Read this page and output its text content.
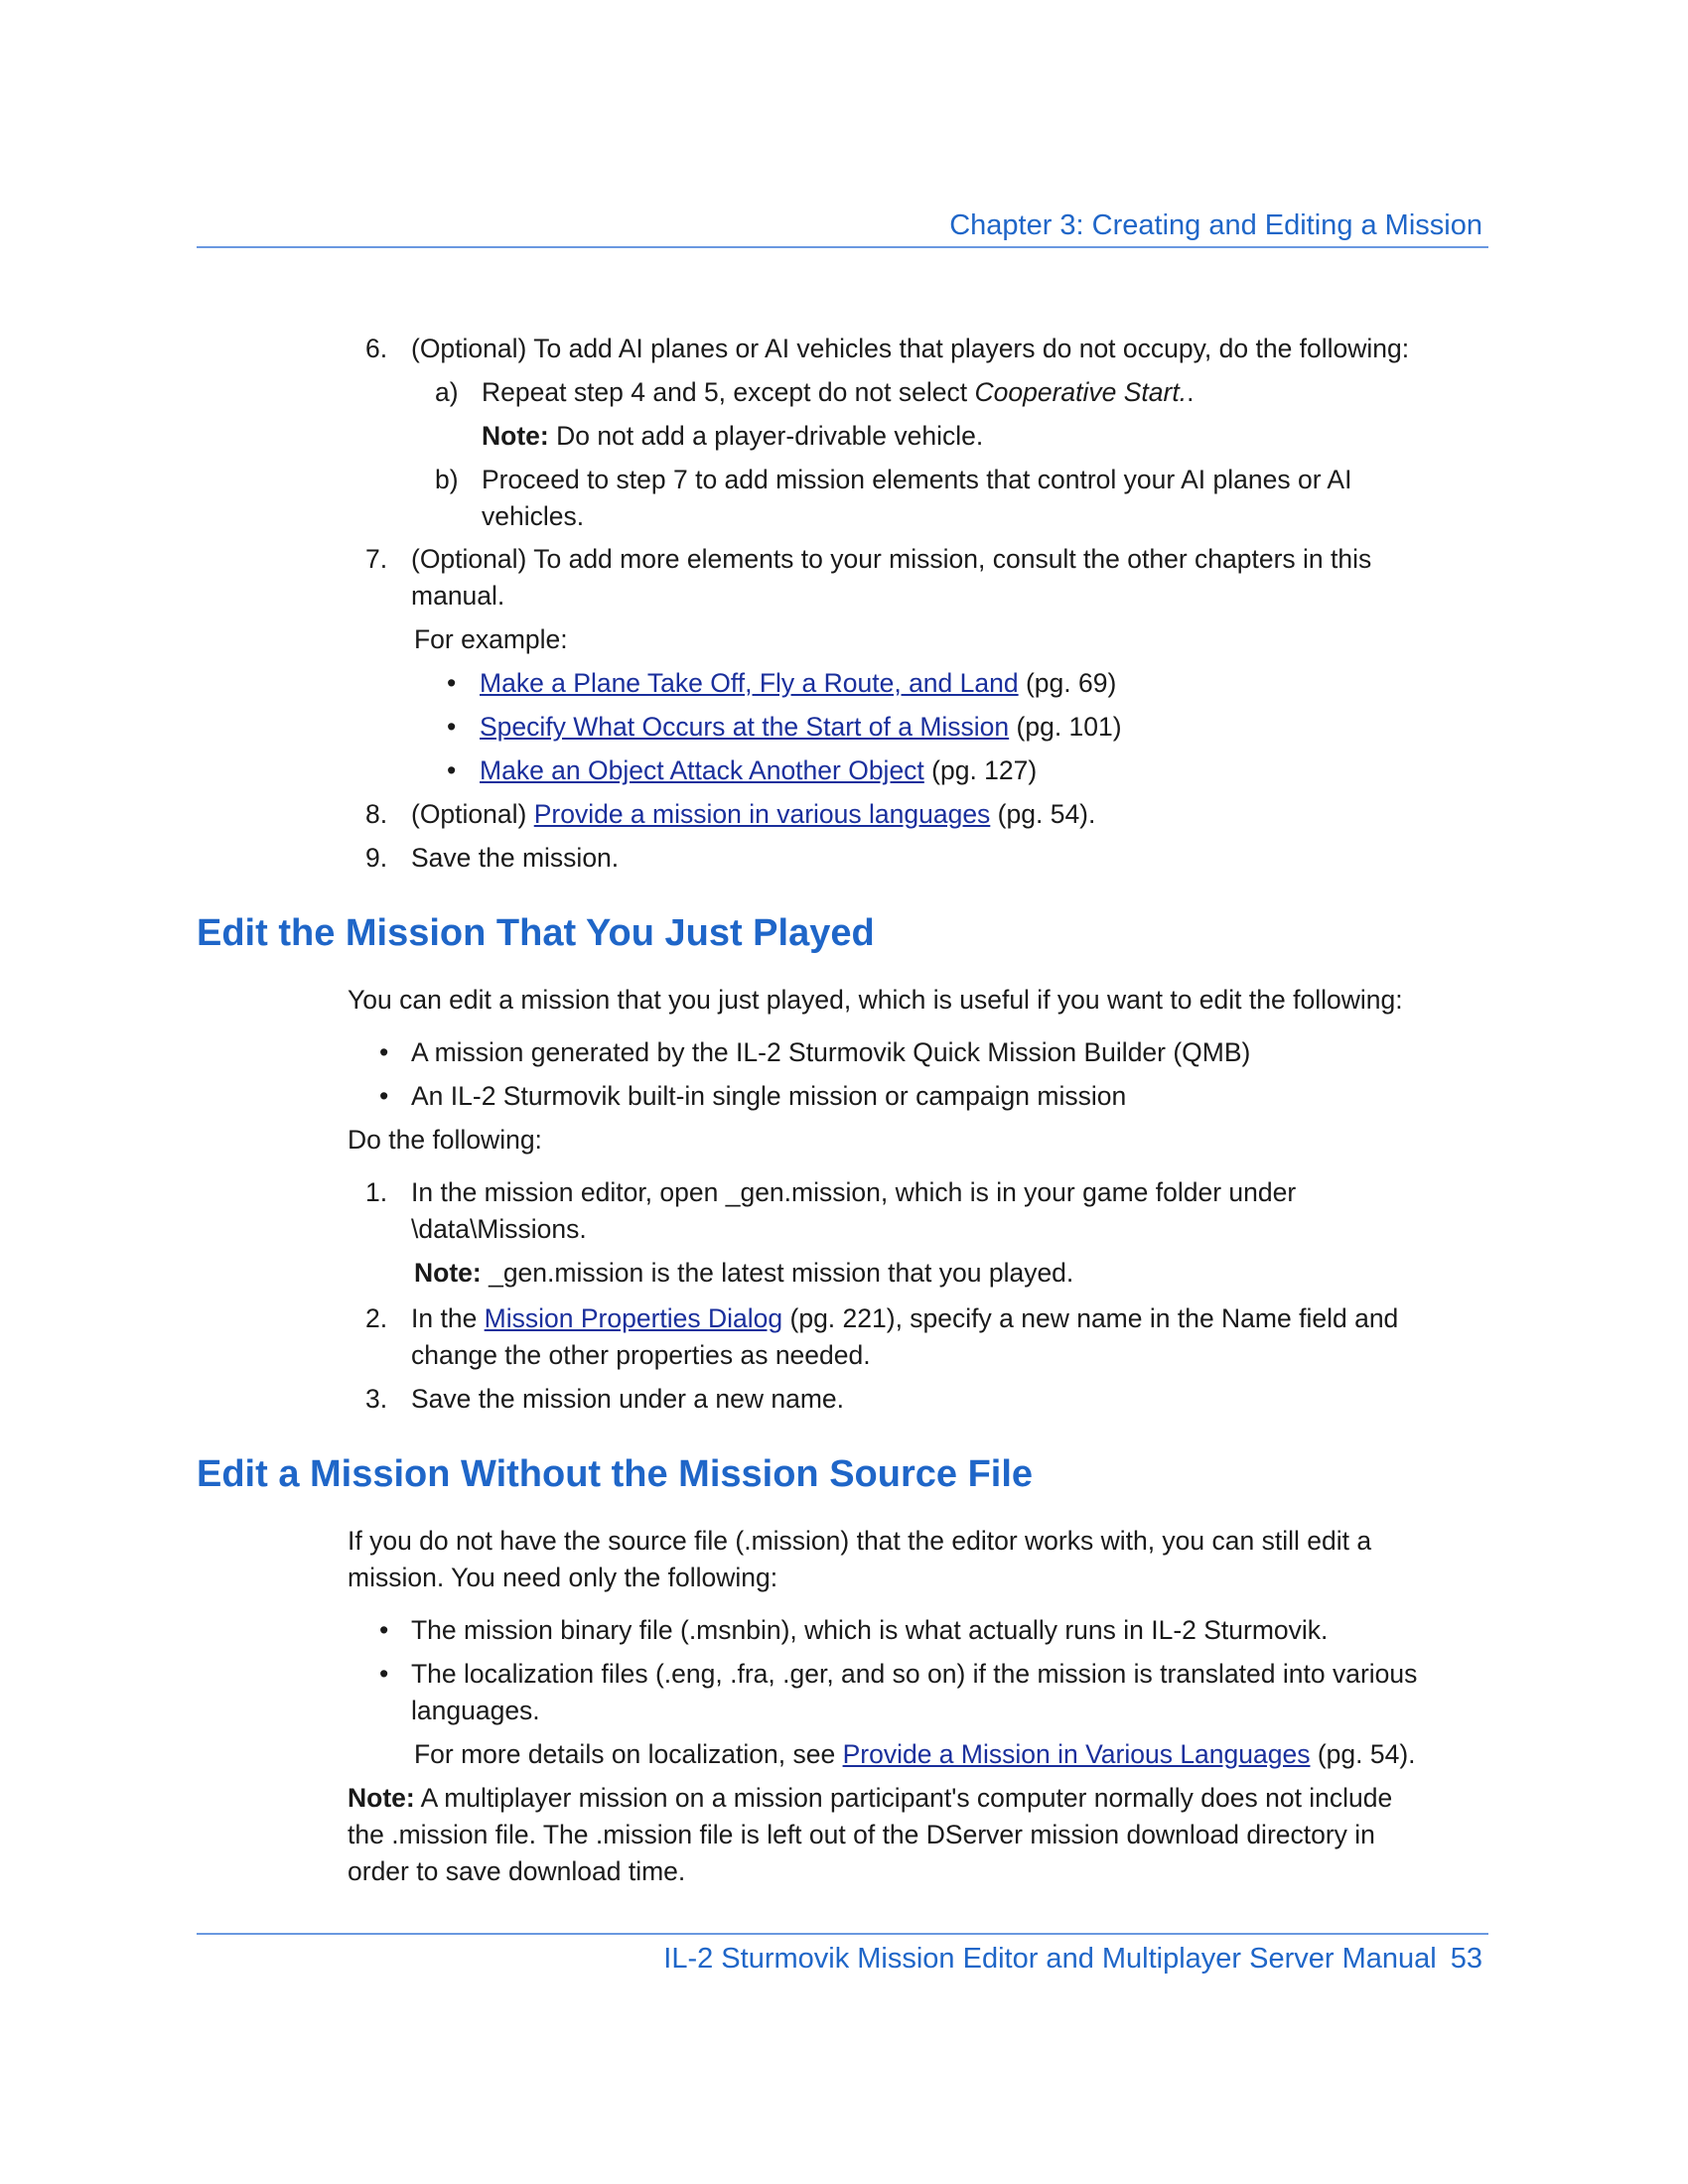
Chapter 3: Creating and Editing a Mission
6. (Optional) To add AI planes or AI vehicles that players do not occupy, do the following:
a) Repeat step 4 and 5, except do not select Cooperative Start..
Note: Do not add a player-drivable vehicle.
b) Proceed to step 7 to add mission elements that control your AI planes or AI
vehicles.
7. (Optional) To add more elements to your mission, consult the other chapters in this
manual.
For example:
• Make a Plane Take Off, Fly a Route, and Land (pg. 69)
• Specify What Occurs at the Start of a Mission (pg. 101)
• Make an Object Attack Another Object (pg. 127)
8. (Optional) Provide a mission in various languages (pg. 54).
9. Save the mission.
Edit the Mission That You Just Played
You can edit a mission that you just played, which is useful if you want to edit the following:
• A mission generated by the IL-2 Sturmovik Quick Mission Builder (QMB)
• An IL-2 Sturmovik built-in single mission or campaign mission
Do the following:
1. In the mission editor, open _gen.mission, which is in your game folder under
\data\Missions.
Note: _gen.mission is the latest mission that you played.
2. In the Mission Properties Dialog (pg. 221), specify a new name in the Name field and
change the other properties as needed.
3. Save the mission under a new name.
Edit a Mission Without the Mission Source File
If you do not have the source file (.mission) that the editor works with, you can still edit a
mission. You need only the following:
• The mission binary file (.msnbin), which is what actually runs in IL-2 Sturmovik.
• The localization files (.eng, .fra, .ger, and so on) if the mission is translated into various
languages.
For more details on localization, see Provide a Mission in Various Languages (pg. 54).
Note: A multiplayer mission on a mission participant's computer normally does not include
the .mission file. The .mission file is left out of the DServer mission download directory in
order to save download time.
IL-2 Sturmovik Mission Editor and Multiplayer Server Manual 53
